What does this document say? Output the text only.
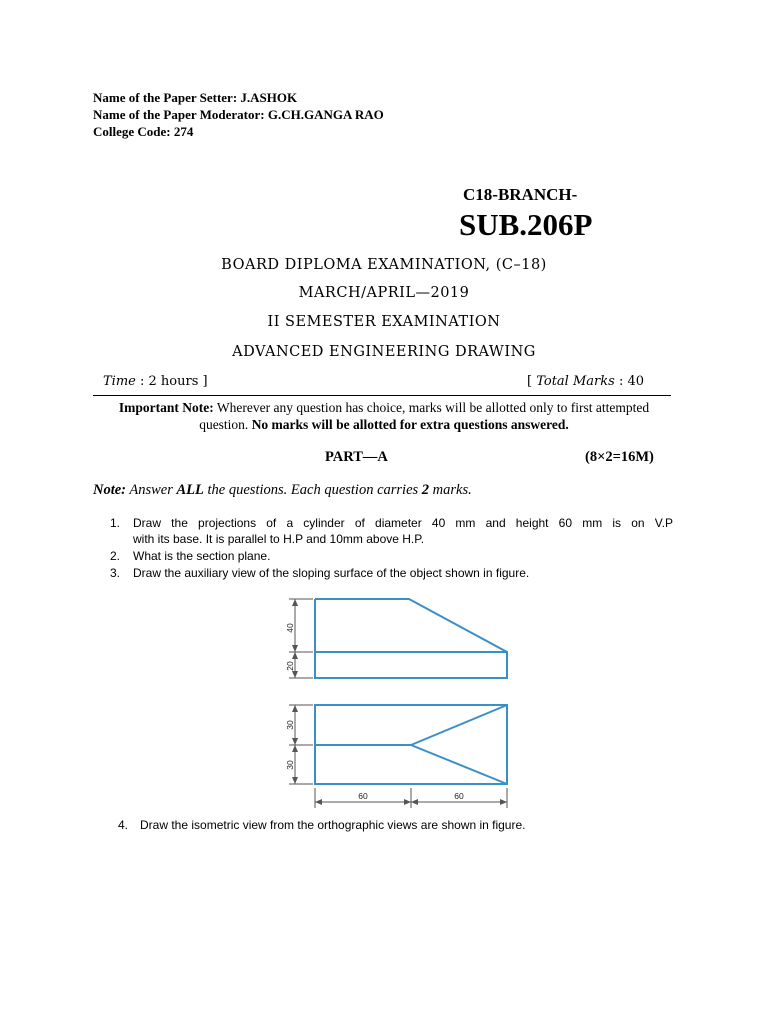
Name of the Paper Setter: J.ASHOK
Name of the Paper Moderator: G.CH.GANGA RAO
College Code: 274
C18-BRANCH-
SUB.206P
BOARD DIPLOMA EXAMINATION, (C–18)
MARCH/APRIL—2019
II SEMESTER EXAMINATION
ADVANCED ENGINEERING DRAWING
Time : 2 hours ]	[ Total Marks : 40
Important Note: Wherever any question has choice, marks will be allotted only to first attempted question. No marks will be allotted for extra questions answered.
PART—A	(8×2=16M)
Note: Answer ALL the questions. Each question carries 2 marks.
1. Draw the projections of a cylinder of diameter 40 mm and height 60 mm is on V.P
with its base. It is parallel to H.P and 10mm above H.P.
2. What is the section plane.
3. Draw the auxiliary view of the sloping surface of the object shown in figure.
40
20
30
30
60	60
4. Draw the isometric view from the orthographic views are shown in figure.
